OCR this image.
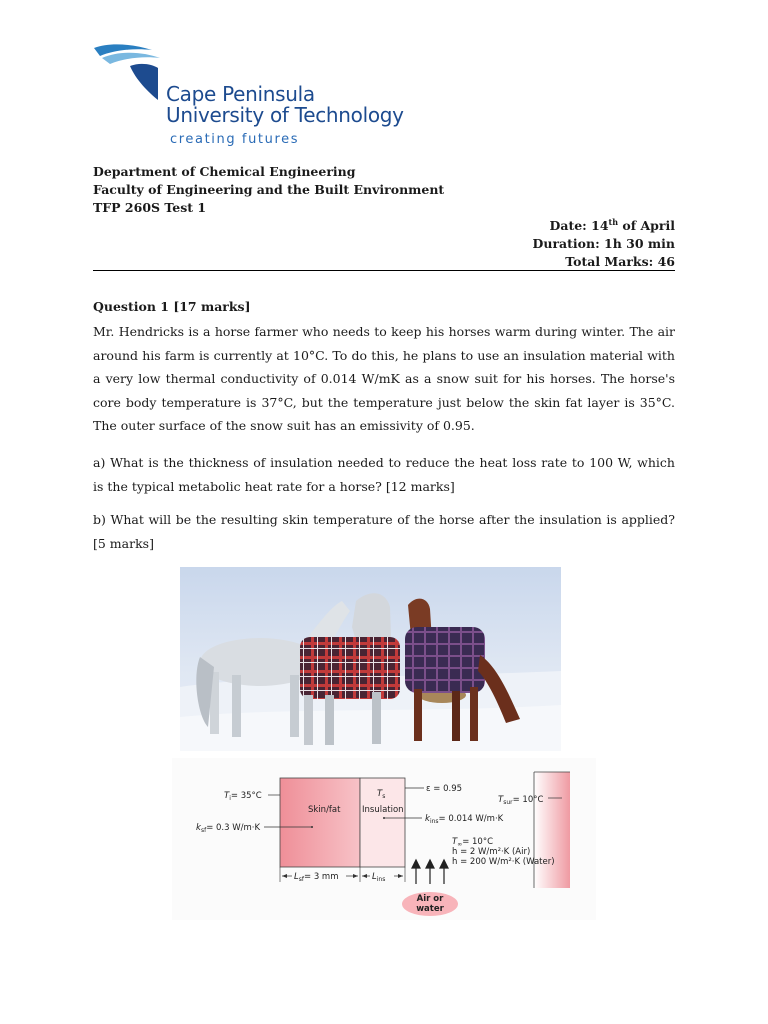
Cape Peninsula
University of Technology
creating futures
Department of Chemical Engineering
Faculty of Engineering and the Built Environment
TFP 260S Test 1
Date: 14th of April
Duration: 1h 30 min
Total Marks: 46
Question 1 [17 marks]

Mr. Hendricks is a horse farmer who needs to keep his horses warm during winter. The air around his farm is currently at 10°C. To do this, he plans to use an insulation material with a very low thermal conductivity of 0.014 W/mK as a snow suit for his horses. The horse's core body temperature is 37°C, but the temperature just below the skin fat layer is 35°C. The outer surface of the snow suit has an emissivity of 0.95.

a) What is the thickness of insulation needed to reduce the heat loss rate to 100 W, which is the typical metabolic heat rate for a horse? [12 marks]

b) What will be the resulting skin temperature of the horse after the insulation is applied? [5 marks]

Skin/fat	Insulation
$T_i= 35^\circ C$
$k_{sf}= 0.3$ W/m·K
$T_s$
ε = 0.95
$T_{sur}= 10^\circ C$
$k_{ins}= 0.014$ W/m·K
$T_\infty= 10^\circ C$
h = 2 W/m²·K (Air)
h = 200 W/m²·K (Water)
Air or
water
$L_{sf}= 3$ mm	$L_{ins}$
